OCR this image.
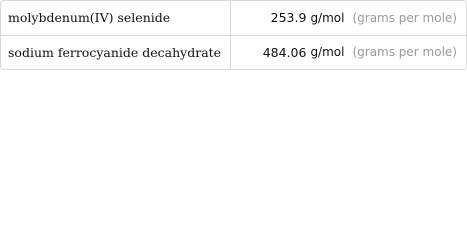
molybdenum(IV) selenide	253.9 g/mol (grams per mole)
sodium ferrocyanide decahydrate	484.06 g/mol (grams per mole)
